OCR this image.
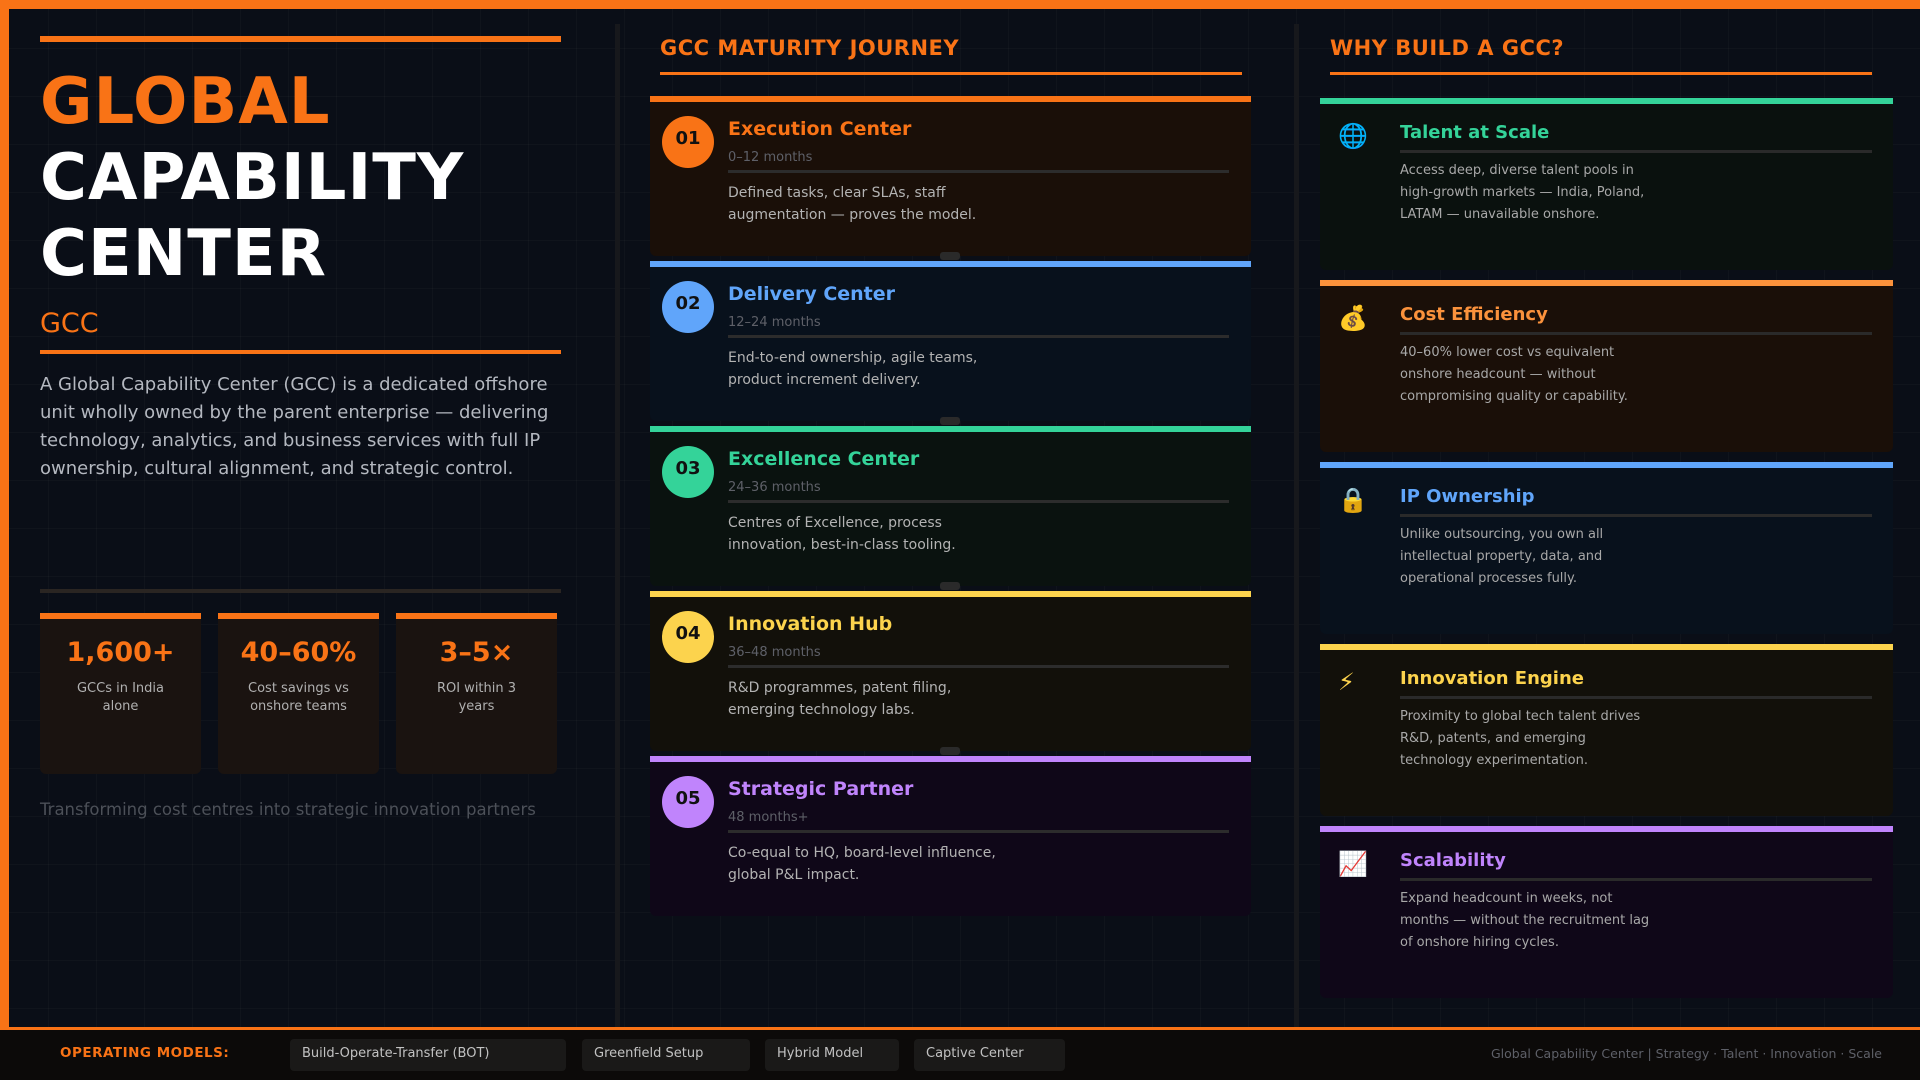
GLOBAL
CAPABILITY
CENTER
GCC
A Global Capability Center (GCC) is a dedicated offshore unit wholly owned by the parent enterprise — delivering technology, analytics, and business services with full IP ownership, cultural alignment, and strategic control.
1,600+
GCCs in India alone
40–60%
Cost savings vs onshore teams
3–5×
ROI within 3 years
Transforming cost centres into strategic innovation partners
GCC MATURITY JOURNEY
01	Execution Center
0–12 months
Defined tasks, clear SLAs, staff augmentation — proves the model.
02	Delivery Center
12–24 months
End-to-end ownership, agile teams, product increment delivery.
03	Excellence Center
24–36 months
Centres of Excellence, process innovation, best-in-class tooling.
04	Innovation Hub
36–48 months
R&D programmes, patent filing, emerging technology labs.
05	Strategic Partner
48 months+
Co-equal to HQ, board-level influence, global P&L impact.
WHY BUILD A GCC?
🌐 Talent at Scale
Access deep, diverse talent pools in high-growth markets — India, Poland, LATAM — unavailable onshore.
💰 Cost Efficiency
40–60% lower cost vs equivalent onshore headcount — without compromising quality or capability.
🔒 IP Ownership
Unlike outsourcing, you own all intellectual property, data, and operational processes fully.
⚡	Innovation Engine
Proximity to global tech talent drives R&D, patents, and emerging technology experimentation.
📈 Scalability
Expand headcount in weeks, not months — without the recruitment lag of onshore hiring cycles.
OPERATING MODELS:	Build-Operate-Transfer (BOT)	Greenfield Setup	Hybrid Model	Captive Center	Global Capability Center | Strategy · Talent · Innovation · Scale
